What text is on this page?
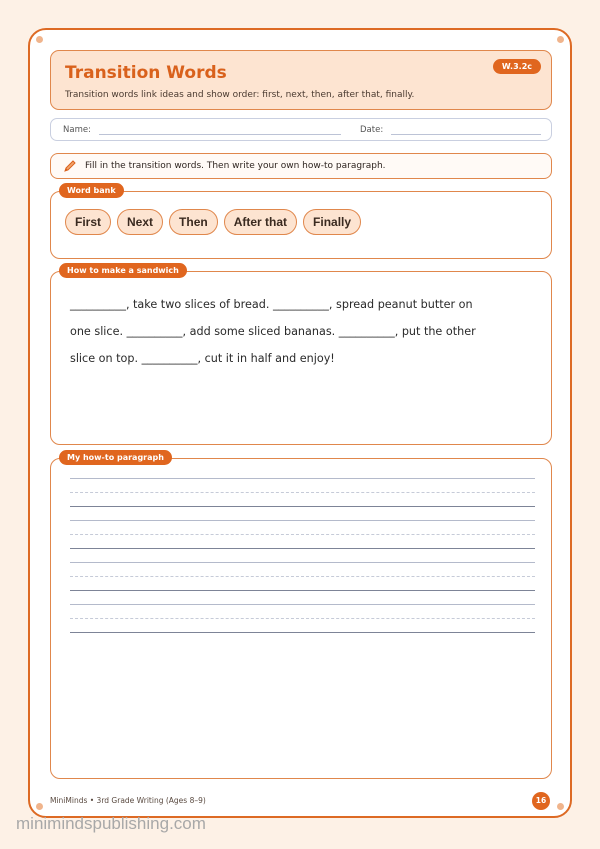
Transition Words	W.3.2c
Transition words link ideas and show order: first, next, then, after that, finally.
Name:	Date:
Fill in the transition words. Then write your own how-to paragraph.
Word bank
First	Next	Then	After that	Finally
How to make a sandwich
__________, take two slices of bread. __________, spread peanut butter on
one slice. __________, add some sliced bananas. __________, put the other
slice on top. __________, cut it in half and enjoy!
My how-to paragraph
MiniMinds • 3rd Grade Writing (Ages 8–9)	16
minimindspublishing.com
